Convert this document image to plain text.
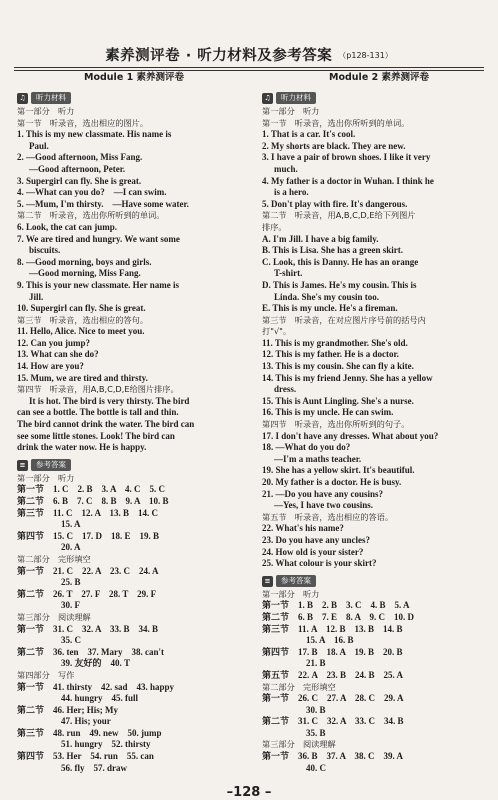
素养测评卷 · 听力材料及参考答案 （p128-131）
Module 1 素养测评卷
♫ 听力材料
第一部分　听力
第一节　听录音，选出相应的图片。
1. This is my new classmate. His name is
Paul.
2. —Good afternoon, Miss Fang.
—Good afternoon, Peter.
3. Supergirl can fly. She is great.
4. —What can you do?　—I can swim.
5. —Mum, I'm thirsty.　—Have some water.
第二节　听录音，选出你所听到的单词。
6. Look, the cat can jump.
7. We are tired and hungry. We want some
biscuits.
8. —Good morning, boys and girls.
—Good morning, Miss Fang.
9. This is your new classmate. Her name is
Jill.
10. Supergirl can fly. She is great.
第三节　听录音，选出相应的答句。
11. Hello, Alice. Nice to meet you.
12. Can you jump?
13. What can she do?
14. How are you?
15. Mum, we are tired and thirsty.
第四节　听录音，用A,B,C,D,E给图片排序。
It is hot. The bird is very thirsty. The bird
can see a bottle. The bottle is tall and thin.
The bird cannot drink the water. The bird can
see some little stones. Look! The bird can
drink the water now. He is happy.
≡ 参考答案
第一部分　听力
第一节　1. C　2. B　3. A　4. C　5. C
第二节　6. B　7. C　8. B　9. A　10. B
第三节　11. C　12. A　13. B　14. C
15. A
第四节　15. C　17. D　18. E　19. B
20. A
第二部分　完形填空
第一节　21. C　22. A　23. C　24. A
25. B
第二节　26. T　27. F　28. T　29. F
30. F
第三部分　阅读理解
第一节　31. C　32. A　33. B　34. B
35. C
第二节　36. ten　37. Mary　38. can't
39. 友好的　40. T
第四部分　写作
第一节　41. thirsty　42. sad　43. happy
44. hungry　45. full
第二节　46. Her; His; My
47. His; your
第三节　48. run　49. new　50. jump
51. hungry　52. thirsty
第四节　53. Her　54. run　55. can
56. fly　57. draw
Module 2 素养测评卷
♫ 听力材料
第一部分　听力
第一节　听录音，选出你所听到的单词。
1. That is a car. It's cool.
2. My shorts are black. They are new.
3. I have a pair of brown shoes. I like it very
much.
4. My father is a doctor in Wuhan. I think he
is a hero.
5. Don't play with fire. It's dangerous.
第二节　听录音，用A,B,C,D,E给下列图片
排序。
A. I'm Jill. I have a big family.
B. This is Lisa. She has a green skirt.
C. Look, this is Danny. He has an orange
T-shirt.
D. This is James. He's my cousin. This is
Linda. She's my cousin too.
E. This is my uncle. He's a fireman.
第三节　听录音，在对应图片序号前的括号内
打"√"。
11. This is my grandmother. She's old.
12. This is my father. He is a doctor.
13. This is my cousin. She can fly a kite.
14. This is my friend Jenny. She has a yellow
dress.
15. This is Aunt Lingling. She's a nurse.
16. This is my uncle. He can swim.
第四节　听录音，选出你所听到的句子。
17. I don't have any dresses. What about you?
18. —What do you do?
—I'm a maths teacher.
19. She has a yellow skirt. It's beautiful.
20. My father is a doctor. He is busy.
21. —Do you have any cousins?
—Yes, I have two cousins.
第五节　听录音，选出相应的答语。
22. What's his name?
23. Do you have any uncles?
24. How old is your sister?
25. What colour is your skirt?
≡ 参考答案
第一部分　听力
第一节　1. B　2. B　3. C　4. B　5. A
第二节　6. B　7. E　8. A　9. C　10. D
第三节　11. A　12. B　13. B　14. B
15. A　16. B
第四节　17. B　18. A　19. B　20. B
21. B
第五节　22. A　23. B　24. B　25. A
第二部分　完形填空
第一节　26. C　27. A　28. C　29. A
30. B
第二节　31. C　32. A　33. C　34. B
35. B
第三部分　阅读理解
第一节　36. B　37. A　38. C　39. A
40. C
–128 –
